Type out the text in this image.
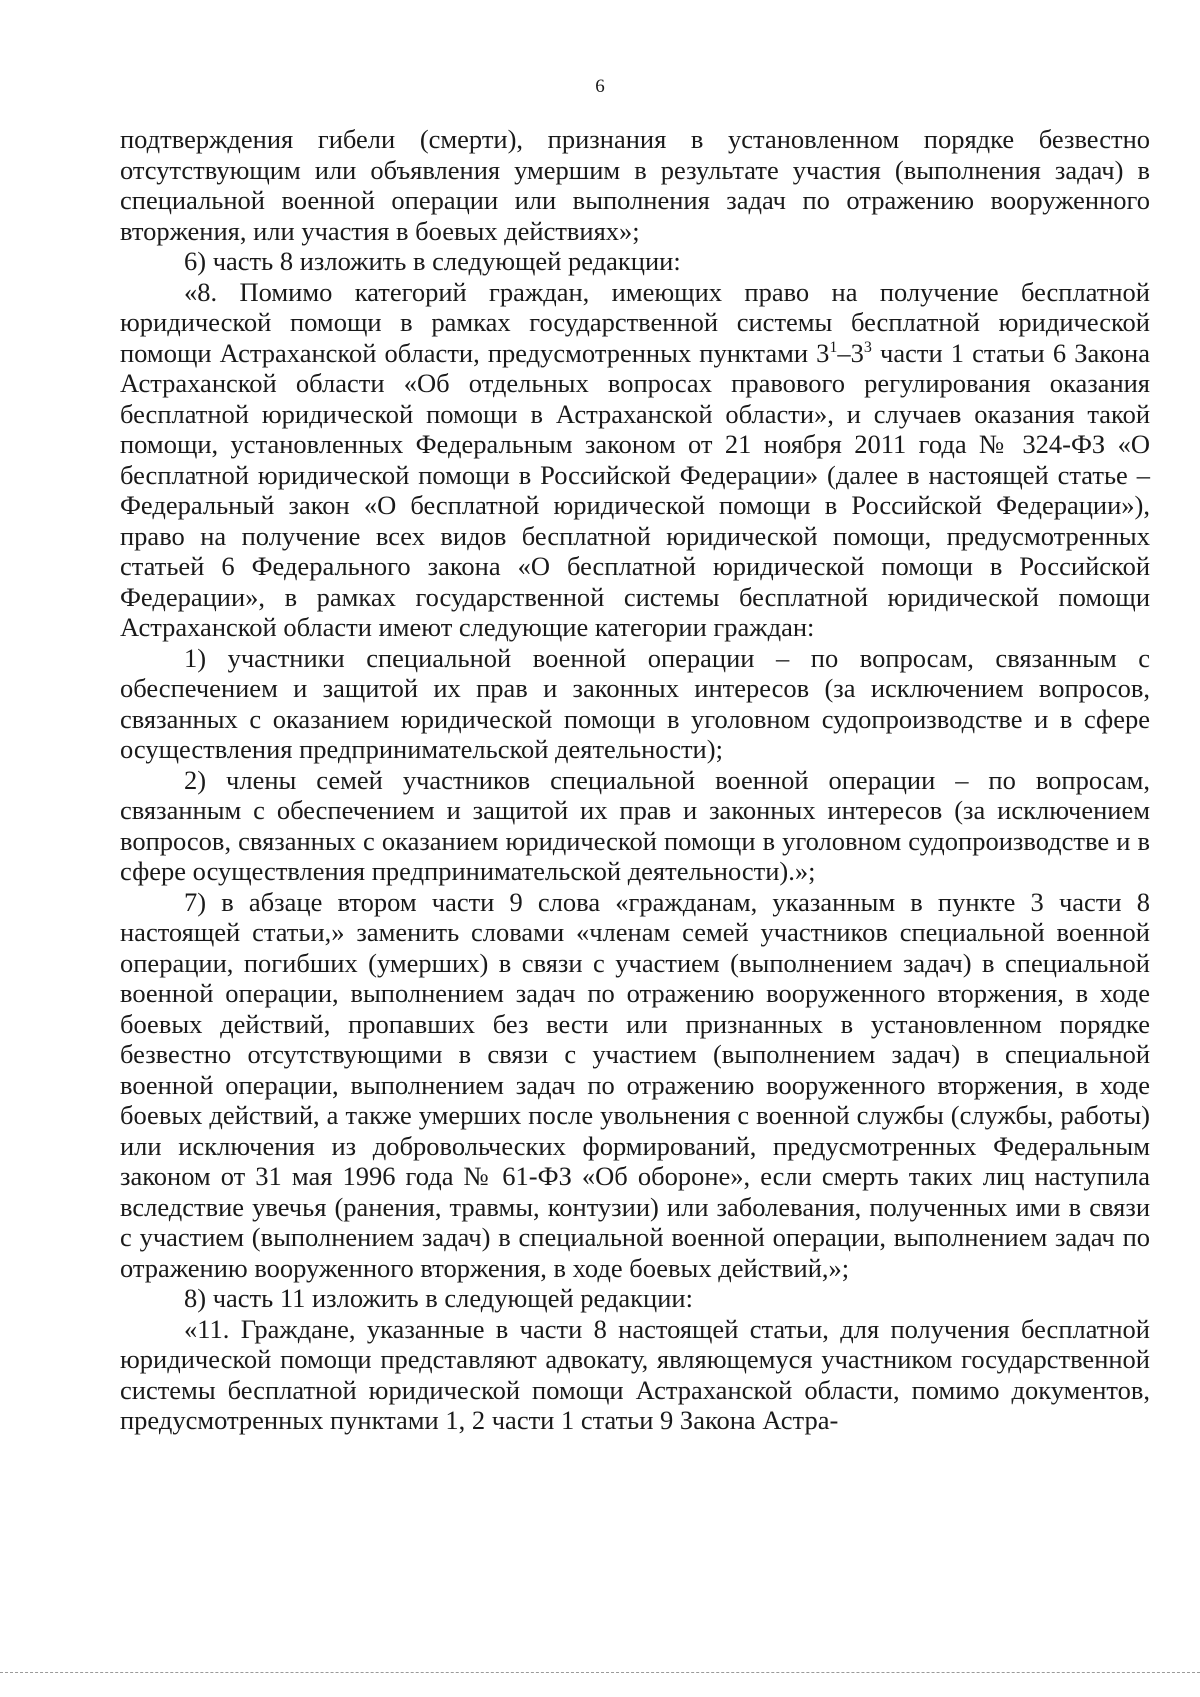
6

подтверждения гибели (смерти), признания в установленном порядке безвестно отсутствующим или объявления умершим в результате участия (выполнения задач) в специальной военной операции или выполнения задач по отражению вооруженного вторжения, или участия в боевых действиях»;

6) часть 8 изложить в следующей редакции:

«8. Помимо категорий граждан, имеющих право на получение бесплатной юридической помощи в рамках государственной системы бесплатной юридической помощи Астраханской области, предусмотренных пунктами $3^1-3^3$ части 1 статьи 6 Закона Астраханской области «Об отдельных вопросах правового регулирования оказания бесплатной юридической помощи в Астраханской области», и случаев оказания такой помощи, установленных Федеральным законом от 21 ноября 2011 года № 324-ФЗ «О бесплатной юридической помощи в Российской Федерации» (далее в настоящей статье – Федеральный закон «О бесплатной юридической помощи в Российской Федерации»), право на получение всех видов бесплатной юридической помощи, предусмотренных статьей 6 Федерального закона «О бесплатной юридической помощи в Российской Федерации», в рамках государственной системы бесплатной юридической помощи Астраханской области имеют следующие категории граждан:

1) участники специальной военной операции – по вопросам, связанным с обеспечением и защитой их прав и законных интересов (за исключением вопросов, связанных с оказанием юридической помощи в уголовном судопроизводстве и в сфере осуществления предпринимательской деятельности);

2) члены семей участников специальной военной операции – по вопросам, связанным с обеспечением и защитой их прав и законных интересов (за исключением вопросов, связанных с оказанием юридической помощи в уголовном судопроизводстве и в сфере осуществления предпринимательской деятельности).»;

7) в абзаце втором части 9 слова «гражданам, указанным в пункте 3 части 8 настоящей статьи,» заменить словами «членам семей участников специальной военной операции, погибших (умерших) в связи с участием (выполнением задач) в специальной военной операции, выполнением задач по отражению вооруженного вторжения, в ходе боевых действий, пропавших без вести или признанных в установленном порядке безвестно отсутствующими в связи с участием (выполнением задач) в специальной военной операции, выполнением задач по отражению вооруженного вторжения, в ходе боевых действий, а также умерших после увольнения с военной службы (службы, работы) или исключения из добровольческих формирований, предусмотренных Федеральным законом от 31 мая 1996 года № 61-ФЗ «Об обороне», если смерть таких лиц наступила вследствие увечья (ранения, травмы, контузии) или заболевания, полученных ими в связи с участием (выполнением задач) в специальной военной операции, выполнением задач по отражению вооруженного вторжения, в ходе боевых действий,»;

8) часть 11 изложить в следующей редакции:

«11. Граждане, указанные в части 8 настоящей статьи, для получения бесплатной юридической помощи представляют адвокату, являющемуся участником государственной системы бесплатной юридической помощи Астраханской области, помимо документов, предусмотренных пунктами 1, 2 части 1 статьи 9 Закона Астра-
